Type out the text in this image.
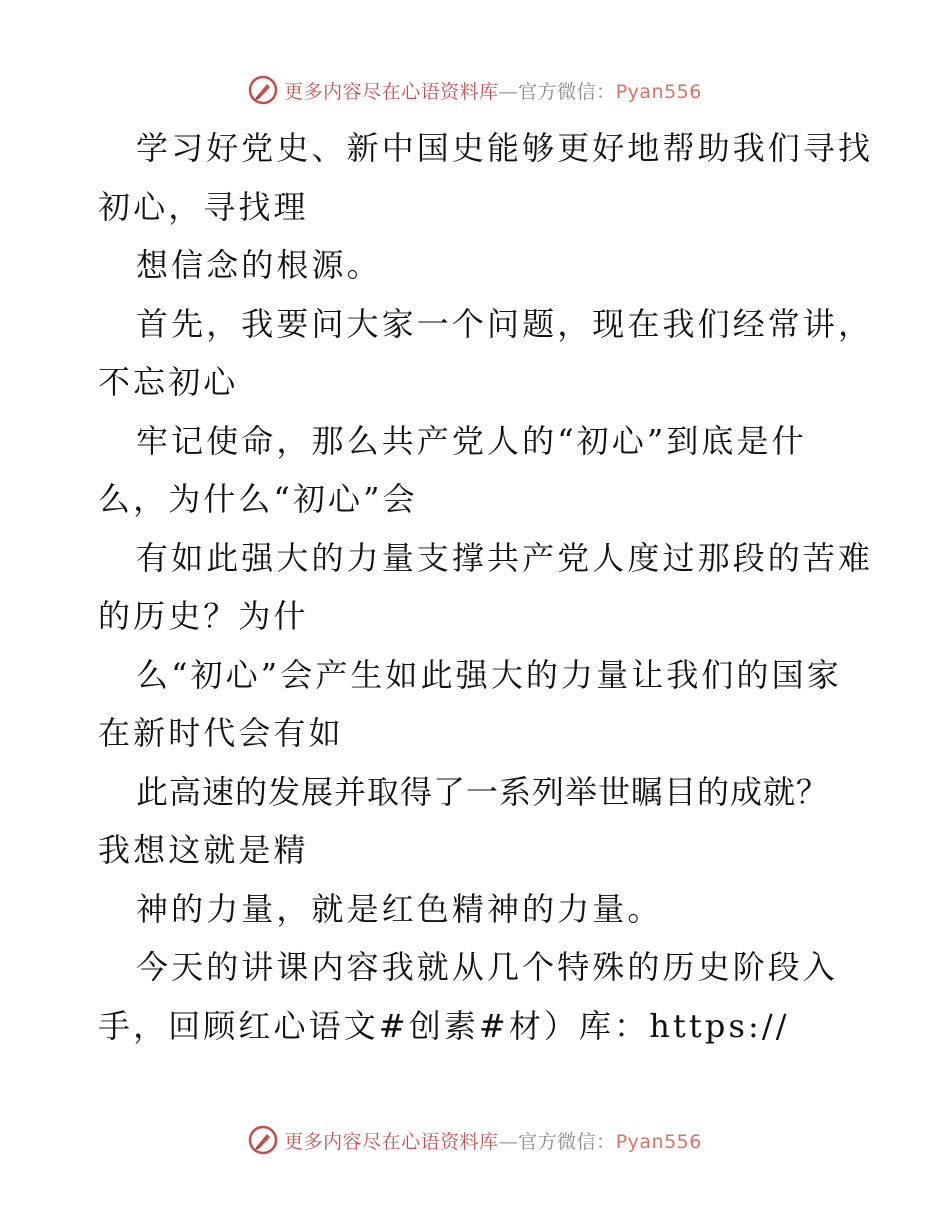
更多内容尽在心语资料库—官方微信：Pyan556
学习好党史、新中国史能够更好地帮助我们寻找
初心，寻找理
想信念的根源。
首先，我要问大家一个问题，现在我们经常讲，
不忘初心
牢记使命，那么共产党人的“初心”到底是什
么，为什么“初心”会
有如此强大的力量支撑共产党人度过那段的苦难
的历史？为什
么“初心”会产生如此强大的力量让我们的国家
在新时代会有如
此高速的发展并取得了一系列举世瞩目的成就？
我想这就是精
神的力量，就是红色精神的力量。
今天的讲课内容我就从几个特殊的历史阶段入
手，回顾红心语文#创素#材）库：https://
更多内容尽在心语资料库—官方微信：Pyan556
